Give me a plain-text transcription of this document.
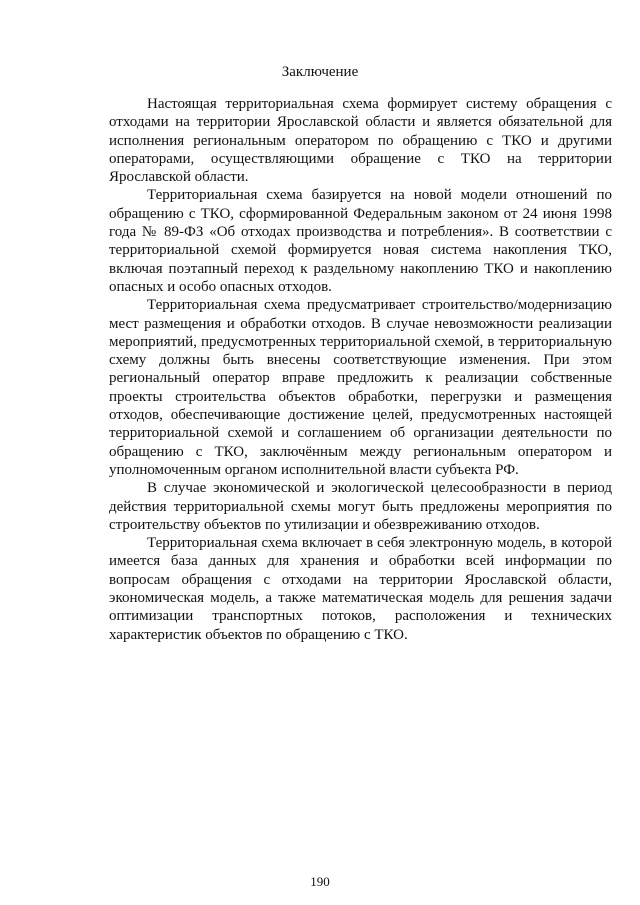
Заключение

Настоящая территориальная схема формирует систему обращения с отходами на территории Ярославской области и является обязательной для исполнения региональным оператором по обращению с ТКО и другими операторами, осуществляющими обращение с ТКО на территории Ярославской области.

Территориальная схема базируется на новой модели отношений по обращению с ТКО, сформированной Федеральным законом от 24 июня 1998 года № 89-ФЗ «Об отходах производства и потребления». В соответствии с территориальной схемой формируется новая система накопления ТКО, включая поэтапный переход к раздельному накоплению ТКО и накоплению опасных и особо опасных отходов.

Территориальная схема предусматривает строительство/модернизацию мест размещения и обработки отходов. В случае невозможности реализации мероприятий, предусмотренных территориальной схемой, в территориальную схему должны быть внесены соответствующие изменения. При этом региональный оператор вправе предложить к реализации собственные проекты строительства объектов обработки, перегрузки и размещения отходов, обеспечивающие достижение целей, предусмотренных настоящей территориальной схемой и соглашением об организации деятельности по обращению с ТКО, заключённым между региональным оператором и уполномоченным органом исполнительной власти субъекта РФ.

В случае экономической и экологической целесообразности в период действия территориальной схемы могут быть предложены мероприятия по строительству объектов по утилизации и обезвреживанию отходов.

Территориальная схема включает в себя электронную модель, в которой имеется база данных для хранения и обработки всей информации по вопросам обращения с отходами на территории Ярославской области, экономическая модель, а также математическая модель для решения задачи оптимизации транспортных потоков, расположения и технических характеристик объектов по обращению с ТКО.

190
